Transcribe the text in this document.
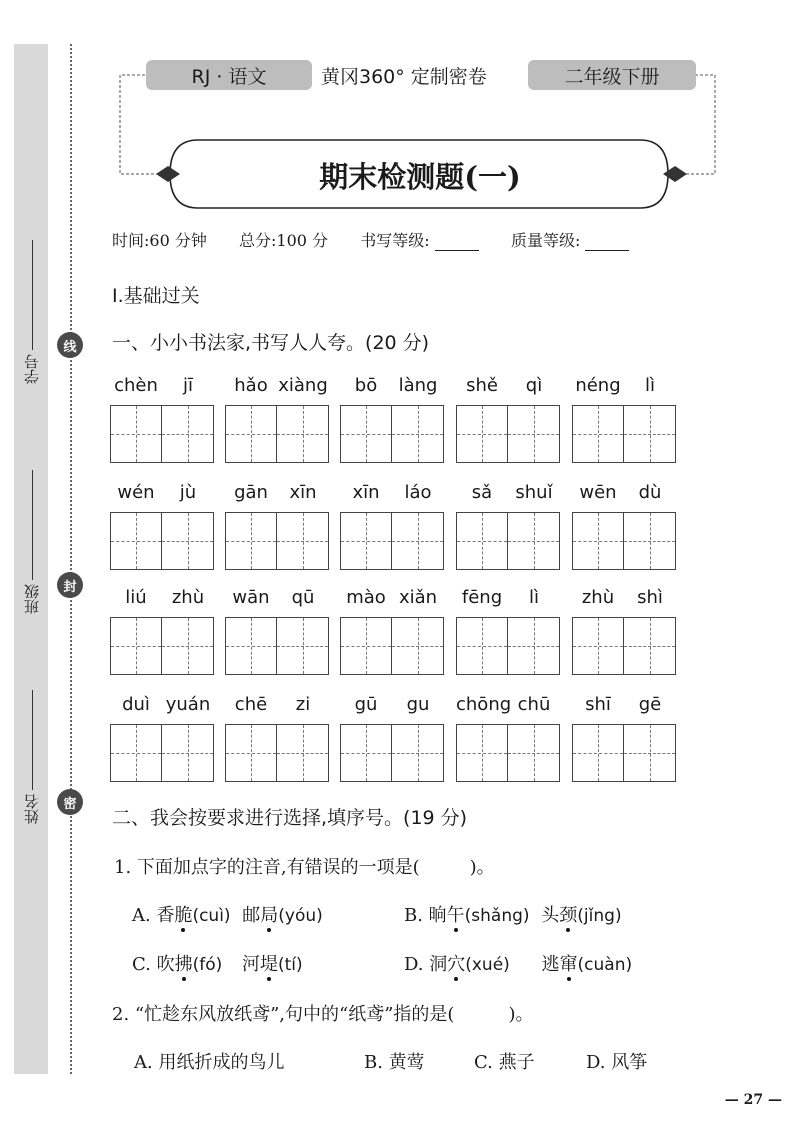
学号
班级
姓名
线
封
密
RJ · 语文	黄冈360° 定制密卷	二年级下册
期末检测题(一)
时间:60 分钟 总分:100 分 书写等级:	质量等级:
Ⅰ.基础过关
一、小小书法家,书写人人夸。(20 分)
chèn	jī	hǎo xiàng	bō	làng	shě	qì	néng	lì
wén	jù	gān	xīn	xīn	láo	sǎ	shuǐ	wēn	dù
liú	zhù	wān	qū	mào xiǎn	fēng	lì	zhù	shì
duì yuán	chē	zi	gū	gu	chōng chū	shī	gē
二、我会按要求进行选择,填序号。(19 分)
1. 下面加点字的注音,有错误的一项是(	)。
A. 香脆(cuì) 邮局(yóu)	B. 晌午(shǎng) 头颈(jǐng)
C. 吹拂(fó) 河堤(tí)	D. 洞穴(xué) 逃窜(cuàn)
2. “忙趁东风放纸鸢”,句中的“纸鸢”指的是(	)。
A. 用纸折成的鸟儿	B. 黄莺	C. 燕子	D. 风筝
— 27 —
